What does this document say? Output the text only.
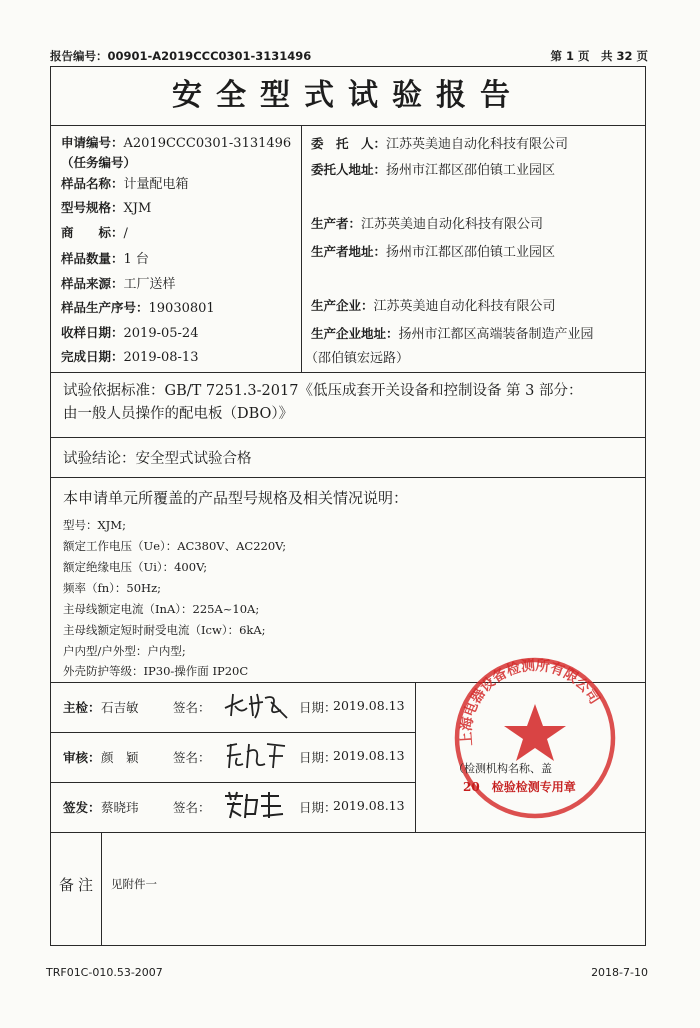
报告编号：00901-A2019CCC0301-3131496	第 1 页　共 32 页
安全型式试验报告
申请编号：A2019CCC0301-3131496
（任务编号）
样品名称：计量配电箱
型号规格：XJM
商　　标：/
样品数量：1 台
样品来源：工厂送样
样品生产序号：19030801
收样日期：2019-05-24
完成日期：2019-08-13
委　托　人：江苏英美迪自动化科技有限公司
委托人地址：扬州市江都区邵伯镇工业园区
生产者：江苏英美迪自动化科技有限公司
生产者地址：扬州市江都区邵伯镇工业园区
生产企业：江苏英美迪自动化科技有限公司
生产企业地址：扬州市江都区高端装备制造产业园
（邵伯镇宏远路）
试验依据标准：GB/T 7251.3-2017《低压成套开关设备和控制设备 第 3 部分：
由一般人员操作的配电板（DBO）》
试验结论：安全型式试验合格
本申请单元所覆盖的产品型号规格及相关情况说明：
型号：XJM;
额定工作电压（Ue）：AC380V、AC220V;
额定绝缘电压（Ui）：400V;
频率（fn）：50Hz;
主母线额定电流（InA）：225A~10A;
主母线额定短时耐受电流（Icw）：6kA;
户内型/户外型：户内型;
外壳防护等级：IP30-操作面 IP20C
主检： 石吉敏	签名：	日期：
2019.08.13
审核： 颜　颖	签名：	日期：
2019.08.13
签发： 蔡晓玮	签名：	日期：
2019.08.13
上海电器设备检测所有限公司
（检测机构名称、盖
20　检验检测专用章
备注 见附件一
TRF01C-010.53-2007	2018-7-10
